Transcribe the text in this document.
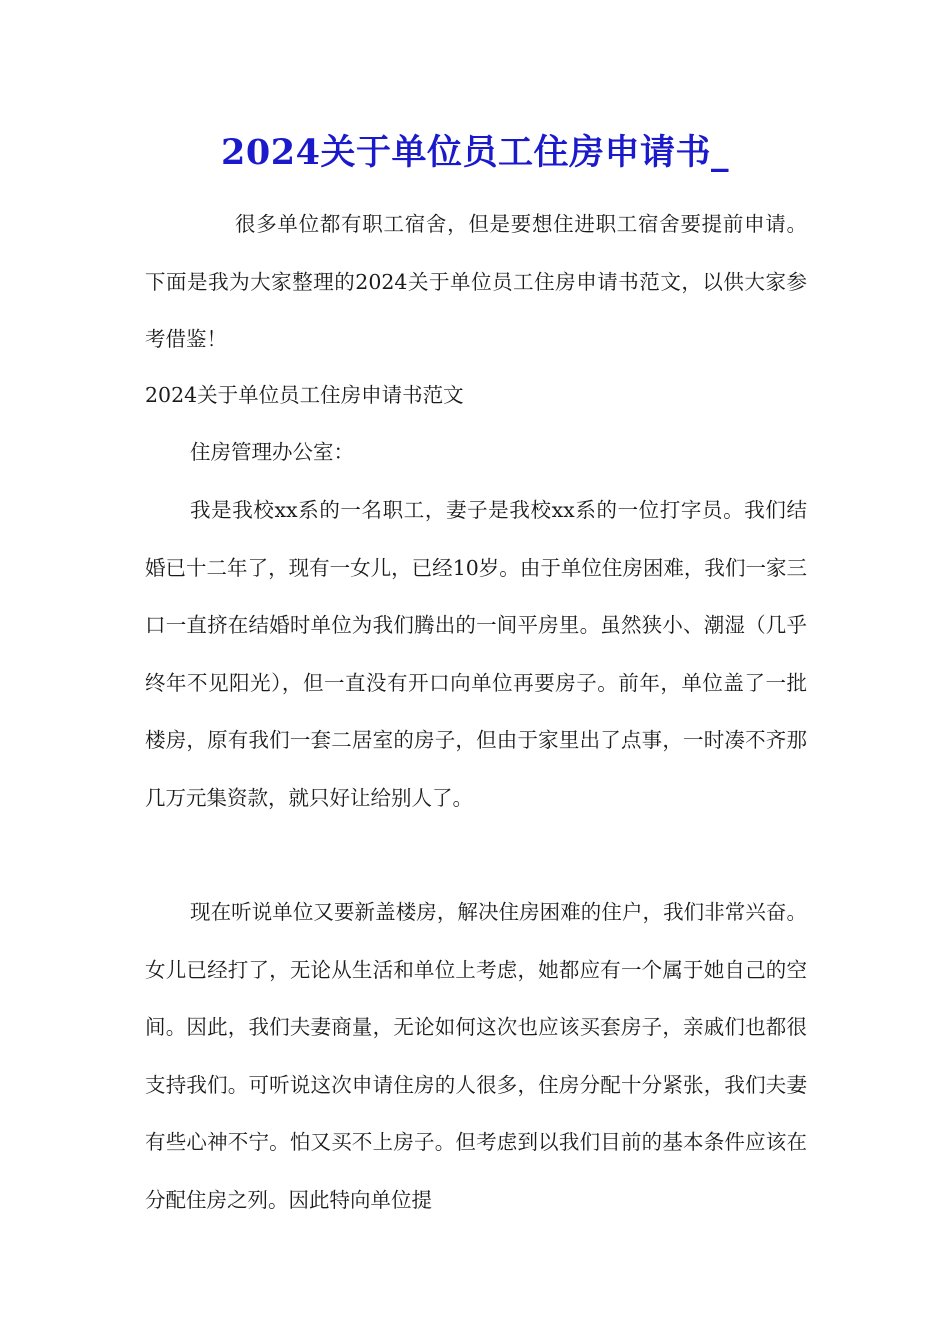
2024关于单位员工住房申请书_

很多单位都有职工宿舍，但是要想住进职工宿舍要提前申请。下面是我为大家整理的2024关于单位员工住房申请书范文，以供大家参考借鉴！

2024关于单位员工住房申请书范文

住房管理办公室：

我是我校xx系的一名职工，妻子是我校xx系的一位打字员。我们结婚已十二年了，现有一女儿，已经10岁。由于单位住房困难，我们一家三口一直挤在结婚时单位为我们腾出的一间平房里。虽然狭小、潮湿（几乎终年不见阳光），但一直没有开口向单位再要房子。前年，单位盖了一批楼房，原有我们一套二居室的房子，但由于家里出了点事，一时凑不齐那几万元集资款，就只好让给别人了。

现在听说单位又要新盖楼房，解决住房困难的住户，我们非常兴奋。女儿已经打了，无论从生活和单位上考虑，她都应有一个属于她自己的空间。因此，我们夫妻商量，无论如何这次也应该买套房子，亲戚们也都很支持我们。可听说这次申请住房的人很多，住房分配十分紧张，我们夫妻有些心神不宁。怕又买不上房子。但考虑到以我们目前的基本条件应该在分配住房之列。因此特向单位提
